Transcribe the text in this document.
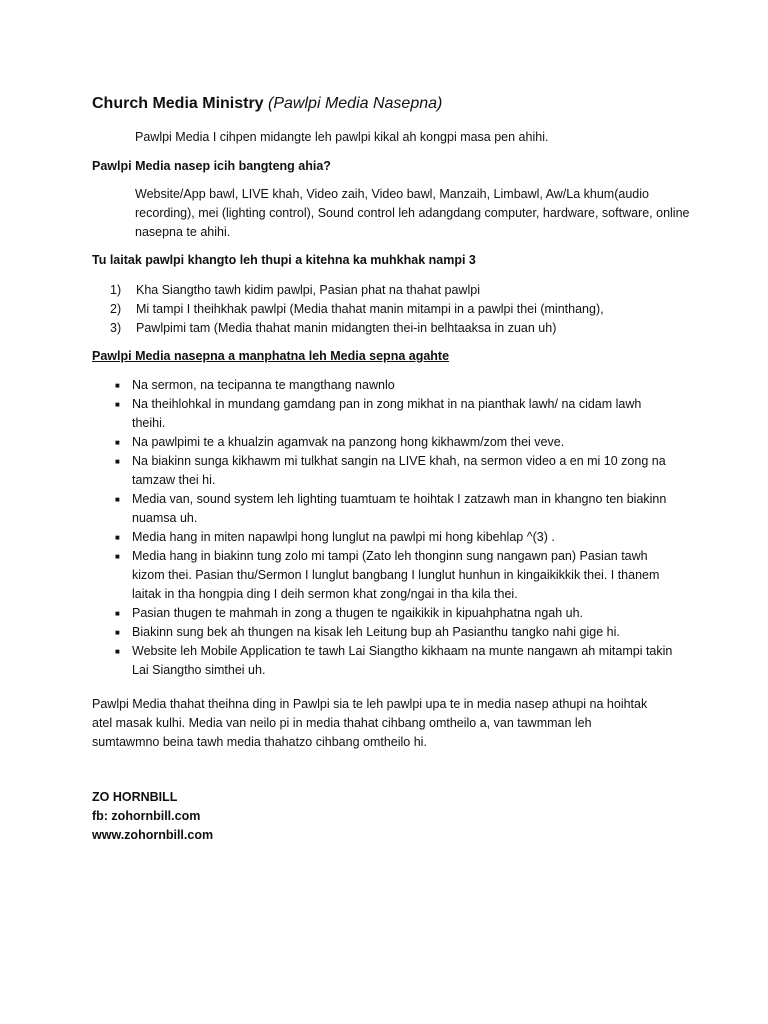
Church Media Ministry (Pawlpi Media Nasepna)
Pawlpi Media I cihpen midangte leh pawlpi kikal ah kongpi masa pen ahihi.
Pawlpi Media nasep icih bangteng ahia?
Website/App bawl, LIVE khah, Video zaih, Video bawl, Manzaih, Limbawl, Aw/La khum(audio recording), mei (lighting control), Sound control leh adangdang computer, hardware, software, online nasepna te ahihi.
Tu laitak pawlpi khangto leh thupi a kitehna ka muhkhak nampi 3
1)	Kha Siangtho tawh kidim pawlpi, Pasian phat na thahat pawlpi
2)	Mi tampi I theihkhak pawlpi (Media thahat manin mitampi in a pawlpi thei (minthang),
3)	Pawlpimi tam (Media thahat manin midangten thei-in belhtaaksa in zuan uh)
Pawlpi Media nasepna a manphatna leh Media sepna agahte
■ Na sermon, na tecipanna te mangthang nawnlo
■ Na theihlohkal in mundang gamdang pan in zong mikhat in na pianthak lawh/ na cidam lawh theihi.
■ Na pawlpimi te a khualzin agamvak na panzong hong kikhawm/zom thei veve.
■ Na biakinn sunga kikhawm mi tulkhat sangin na LIVE khah, na sermon video a en mi 10 zong na tamzaw thei hi.
■ Media van, sound system leh lighting tuamtuam te hoihtak I zatzawh man in khangno ten biakinn nuamsa uh.
■ Media hang in miten napawlpi hong lunglut na pawlpi mi hong kibehlap ^(3) .
■ Media hang in biakinn tung zolo mi tampi (Zato leh thonginn sung nangawn pan) Pasian tawh kizom thei. Pasian thu/Sermon I lunglut bangbang I lunglut hunhun in kingaikikkik thei. I thanem laitak in tha hongpia ding I deih sermon khat zong/ngai in tha kila thei.
■ Pasian thugen te mahmah in zong a thugen te ngaikikik in kipuahphatna ngah uh.
■ Biakinn sung bek ah thungen na kisak leh Leitung bup ah Pasianthu tangko nahi gige hi.
■ Website leh Mobile Application te tawh Lai Siangtho kikhaam na munte nangawn ah mitampi takin Lai Siangtho simthei uh.
Pawlpi Media thahat theihna ding in Pawlpi sia te leh pawlpi upa te in media nasep athupi na hoihtak atel masak kulhi. Media van neilo pi in media thahat cihbang omtheilo a, van tawmman leh sumtawmno beina tawh media thahatzo cihbang omtheilo hi.
ZO HORNBILL
fb: zohornbill.com
www.zohornbill.com
